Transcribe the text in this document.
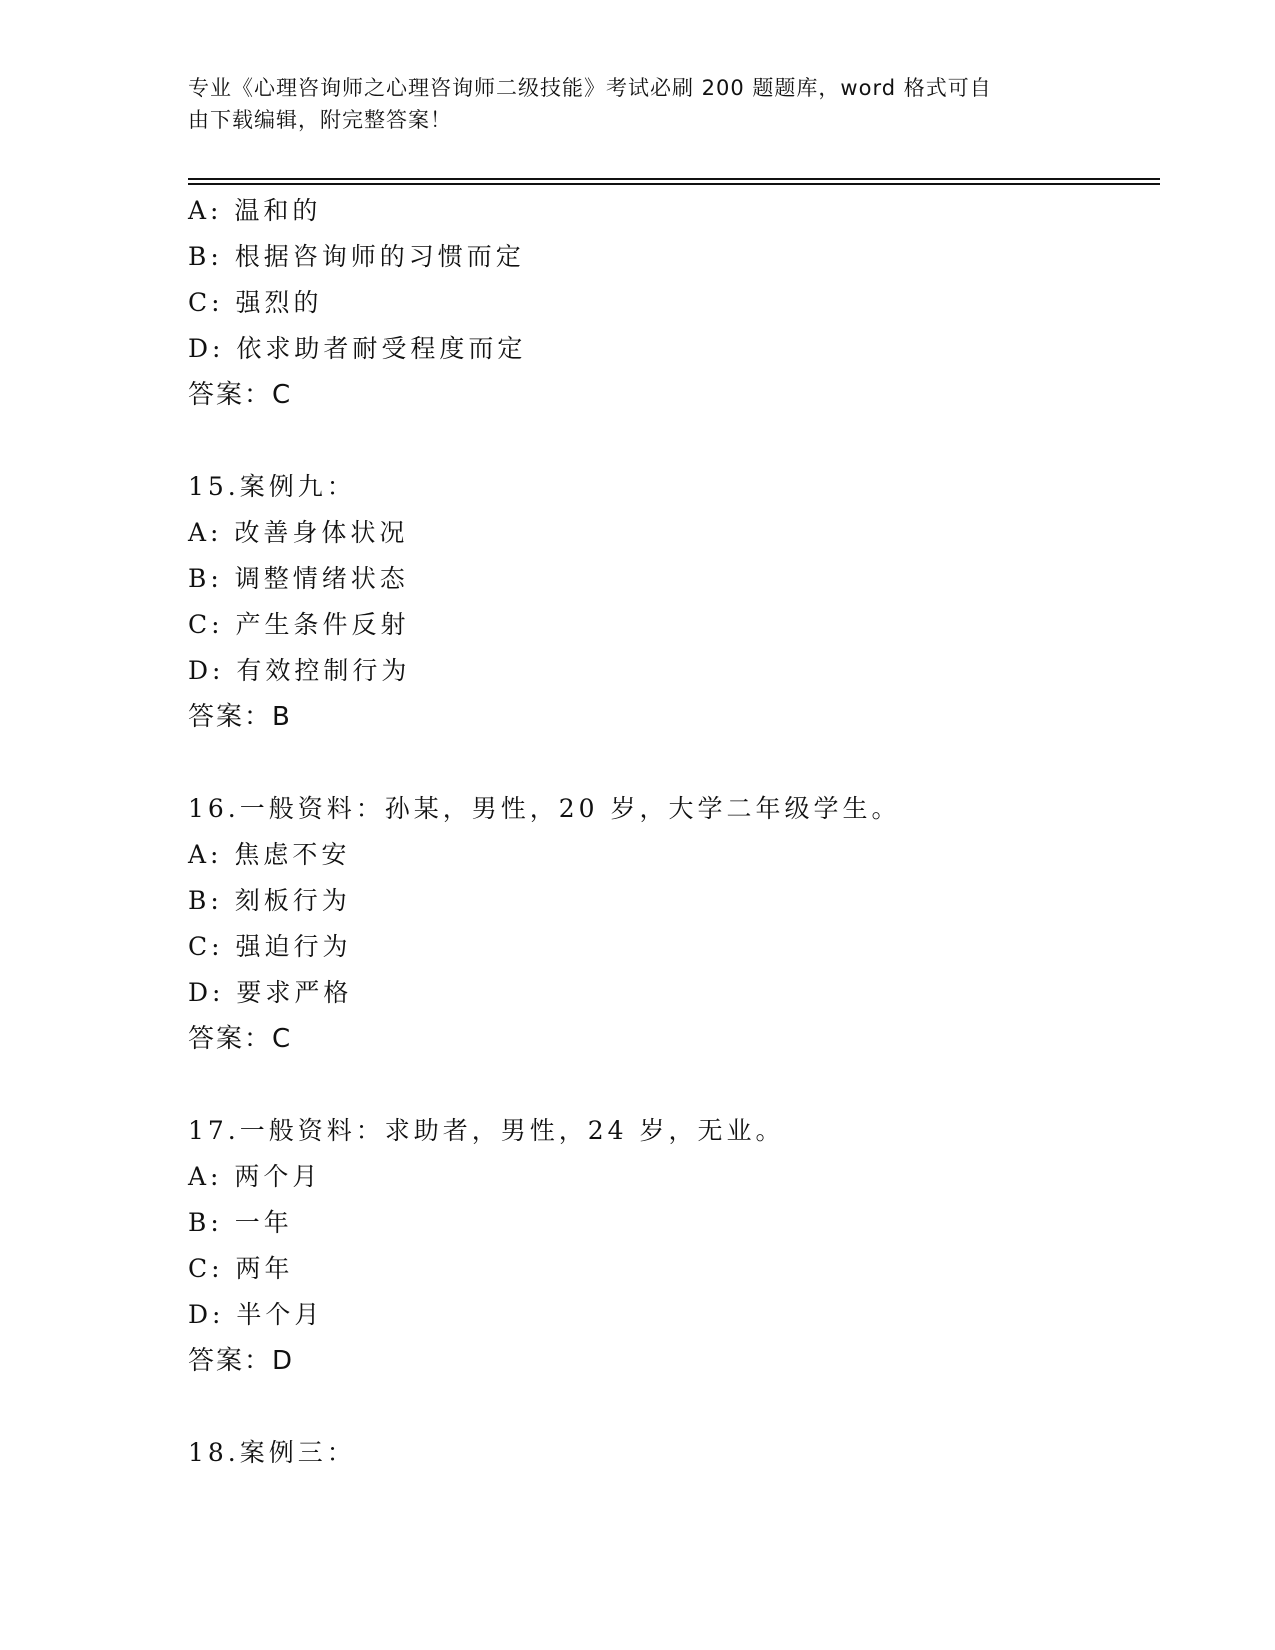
专业《心理咨询师之心理咨询师二级技能》考试必刷 200 题题库，word 格式可自
由下载编辑，附完整答案！
A: 温和的
B: 根据咨询师的习惯而定
C: 强烈的
D: 依求助者耐受程度而定
答案：C
15.案例九：
A: 改善身体状况
B: 调整情绪状态
C: 产生条件反射
D: 有效控制行为
答案：B
16.一般资料：孙某，男性，20 岁，大学二年级学生。
A: 焦虑不安
B: 刻板行为
C: 强迫行为
D: 要求严格
答案：C
17.一般资料：求助者，男性，24 岁，无业。
A: 两个月
B: 一年
C: 两年
D: 半个月
答案：D
18.案例三：
